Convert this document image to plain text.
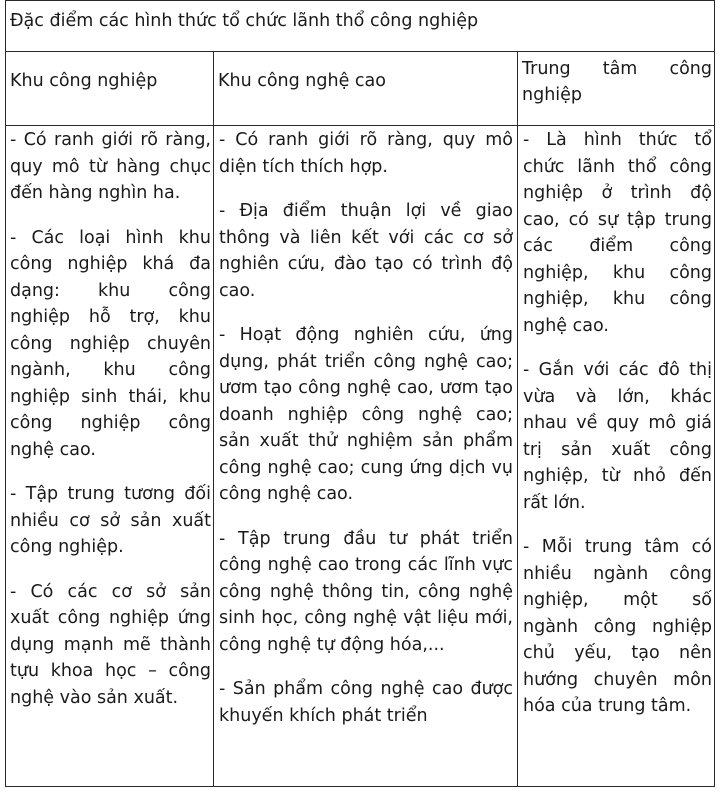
Đặc điểm các hình thức tổ chức lãnh thổ công nghiệp
Khu công nghiệp	Khu công nghệ cao
Trung tâm công nghiệp

- Có ranh giới rõ ràng, quy mô từ hàng chục đến hàng nghìn ha.

- Các loại hình khu công nghiệp khá đa dạng: khu công nghiệp hỗ trợ, khu công nghiệp chuyên ngành, khu công nghiệp sinh thái, khu công nghiệp công nghệ cao.

- Tập trung tương đối nhiều cơ sở sản xuất công nghiệp.

- Có các cơ sở sản xuất công nghiệp ứng dụng mạnh mẽ thành tựu khoa học – công nghệ vào sản xuất.

- Có ranh giới rõ ràng, quy mô diện tích thích hợp.

- Địa điểm thuận lợi về giao thông và liên kết với các cơ sở nghiên cứu, đào tạo có trình độ cao.

- Hoạt động nghiên cứu, ứng dụng, phát triển công nghệ cao; ươm tạo công nghệ cao, ươm tạo doanh nghiệp công nghệ cao; sản xuất thử nghiệm sản phẩm công nghệ cao; cung ứng dịch vụ công nghệ cao.

- Tập trung đầu tư phát triển công nghệ cao trong các lĩnh vực công nghệ thông tin, công nghệ sinh học, công nghệ vật liệu mới, công nghệ tự động hóa,...

- Sản phẩm công nghệ cao được khuyến khích phát triển

- Là hình thức tổ chức lãnh thổ công nghiệp ở trình độ cao, có sự tập trung các điểm công nghiệp, khu công nghiệp, khu công nghệ cao.

- Gắn với các đô thị vừa và lớn, khác nhau về quy mô giá trị sản xuất công nghiệp, từ nhỏ đến rất lớn.

- Mỗi trung tâm có nhiều ngành công nghiệp, một số ngành công nghiệp chủ yếu, tạo nên hướng chuyên môn hóa của trung tâm.
